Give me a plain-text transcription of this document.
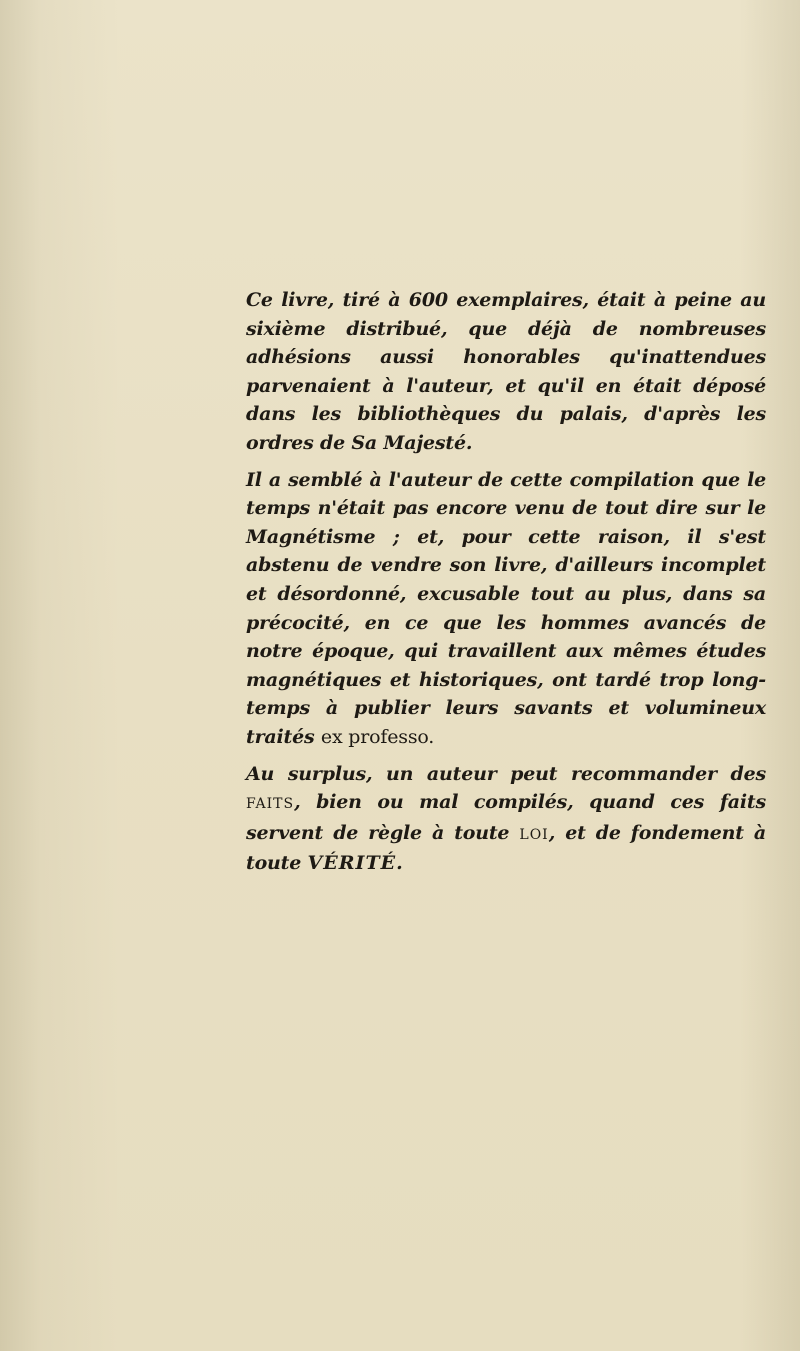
Ce livre, tiré à 600 exemplaires, était à peine au sixième distribué, que déjà de nombreuses adhésions aussi honorables qu'inattendues parvenaient à l'auteur, et qu'il en était déposé dans les bibliothèques du palais, d'après les ordres de Sa Majesté.

Il a semblé à l'auteur de cette compilation que le temps n'était pas encore venu de tout dire sur le Magnétisme ; et, pour cette raison, il s'est abstenu de vendre son livre, d'ailleurs incomplet et désordonné, excusable tout au plus, dans sa précocité, en ce que les hommes avancés de notre époque, qui travaillent aux mêmes études magnétiques et historiques, ont tardé trop long-temps à publier leurs savants et volumineux traités ex professo.

Au surplus, un auteur peut recommander des FAITS, bien ou mal compilés, quand ces faits servent de règle à toute LOI, et de fondement à toute VÉRITÉ.
